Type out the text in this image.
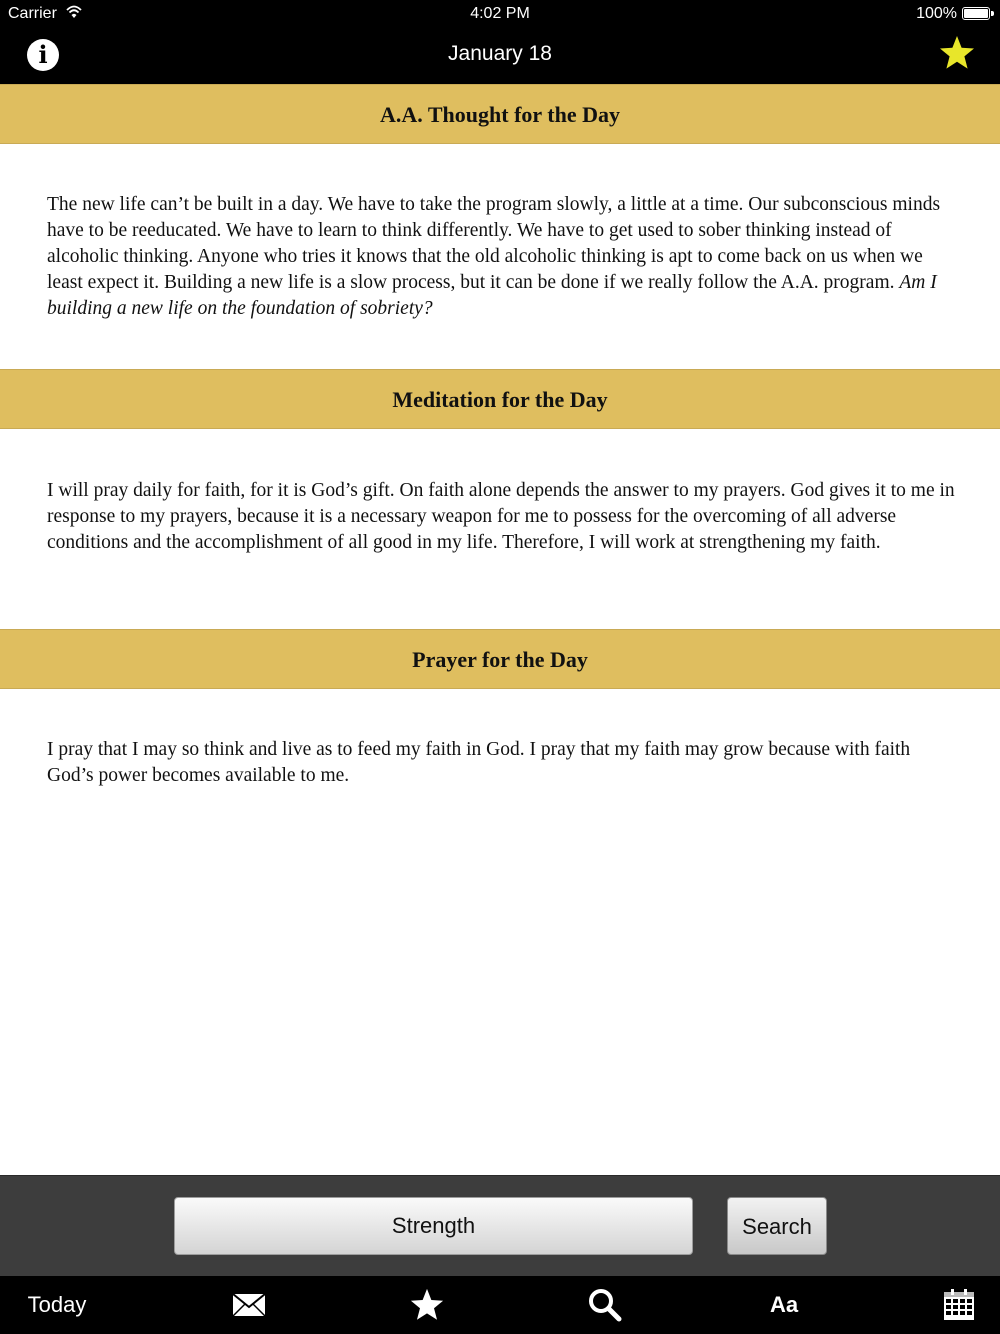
Carrier	4:02 PM	100%
i	January 18
A.A. Thought for the Day
The new life can’t be built in a day. We have to take the program slowly, a little at a time. Our subconscious minds have to be reeducated. We have to learn to think differently. We have to get used to sober thinking instead of alcoholic thinking. Anyone who tries it knows that the old alcoholic thinking is apt to come back on us when we least expect it. Building a new life is a slow process, but it can be done if we really follow the A.A. program. Am I building a new life on the foundation of sobriety?
Meditation for the Day
I will pray daily for faith, for it is God’s gift. On faith alone depends the answer to my prayers. God gives it to me in response to my prayers, because it is a necessary weapon for me to possess for the overcoming of all adverse conditions and the accomplishment of all good in my life. Therefore, I will work at strengthening my faith.
Prayer for the Day
I pray that I may so think and live as to feed my faith in God. I pray that my faith may grow because with faith God’s power becomes available to me.
Strength	Search
Today	Aa
